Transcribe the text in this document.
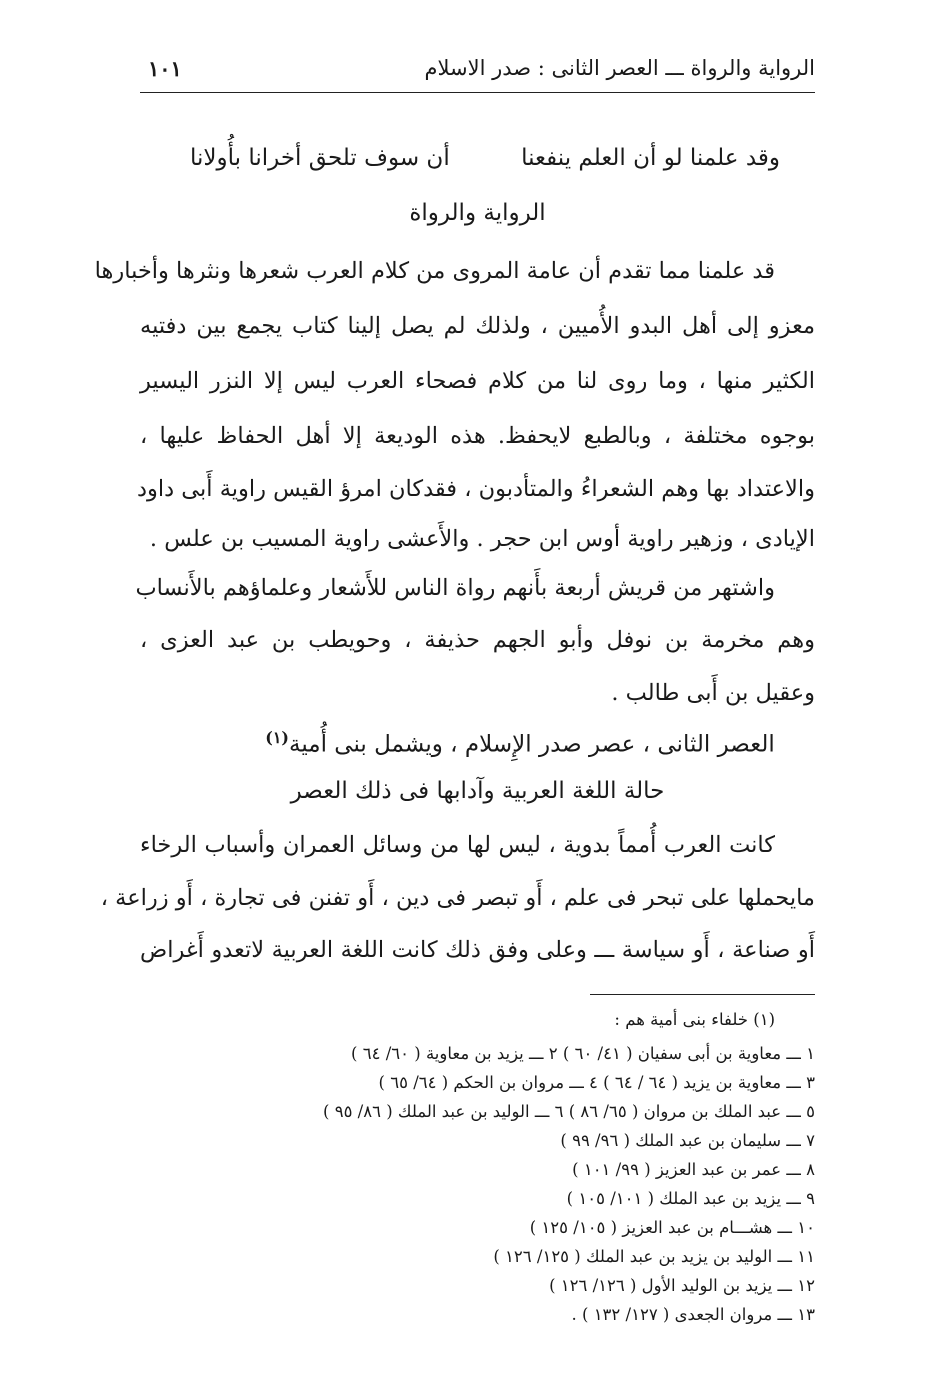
الرواية والرواة ـــ العصر الثانى : صدر الاسلام
١٠١
وقد علمنا لو أن العلم ينفعنا
أن سوف تلحق أخرانا بأُولانا
الرواية والرواة
قد علمنا مما تقدم أن عامة المروى من كلام العرب شعرها ونثرها وأخبارها
معزو إلى أهل البدو الأُميين ، ولذلك لم يصل إلينا كتاب يجمع بين دفتيه
الكثير منها ، وما روى لنا من كلام فصحاء العرب ليس إلا النزر اليسير
بوجوه مختلفة ، وبالطبع لايحفظ. هذه الوديعة إلا أهل الحفاظ عليها ،
والاعتداد بها وهم الشعراءُ والمتأدبون ، فقدكان امرؤ القيس راوية أَبى داود
الإيادى ، وزهير راوية أوس ابن حجر . والأَعشى راوية المسيب بن علس .
واشتهر من قريش أربعة بأَنهم رواة الناس للأَشعار وعلماؤهم بالأَنساب
وهم مخرمة بن نوفل وأبو الجهم حذيفة ، وحويطب بن عبد العزى ،
وعقيل بن أَبى طالب .
العصر الثانى ، عصر صدر الإِسلام ، ويشمل بنى أُمية$^{(١)}$
حالة اللغة العربية وآدابها فى ذلك العصر
كانت العرب أُمماً بدوية ، ليس لها من وسائل العمران وأسباب الرخاء
مايحملها على تبحر فى علم ، أَو تبصر فى دين ، أَو تفنن فى تجارة ، أَو زراعة ،
أَو صناعة ، أَو سياسة ـــ وعلى وفق ذلك كانت اللغة العربية لاتعدو أَغراض
(١) خلفاء بنى أمية هم :
١ ـــ معاوية بن أبى سفيان ( ٤١/ ٦٠ ) ٢ ـــ يزيد بن معاوية ( ٦٠/ ٦٤ )
٣ ـــ معاوية بن يزيد ( ٦٤ / ٦٤ ) ٤ ـــ مروان بن الحكم ( ٦٤/ ٦٥ )
٥ ـــ عبد الملك بن مروان ( ٦٥/ ٨٦ ) ٦ ـــ الوليد بن عبد الملك ( ٨٦/ ٩٥ )
٧ ـــ سليمان بن عبد الملك ( ٩٦/ ٩٩ )
٨ ـــ عمر بن عبد العزيز ( ٩٩/ ١٠١ )
٩ ـــ يزيد بن عبد الملك ( ١٠١/ ١٠٥ )
١٠ ـــ هشـــام بن عبد العزيز ( ١٠٥/ ١٢٥ )
١١ ـــ الوليد بن يزيد بن عبد الملك ( ١٢٥/ ١٢٦ )
١٢ ـــ يزيد بن الوليد الأول ( ١٢٦/ ١٢٦ )
١٣ ـــ مروان الجعدى ( ١٢٧/ ١٣٢ ) .
